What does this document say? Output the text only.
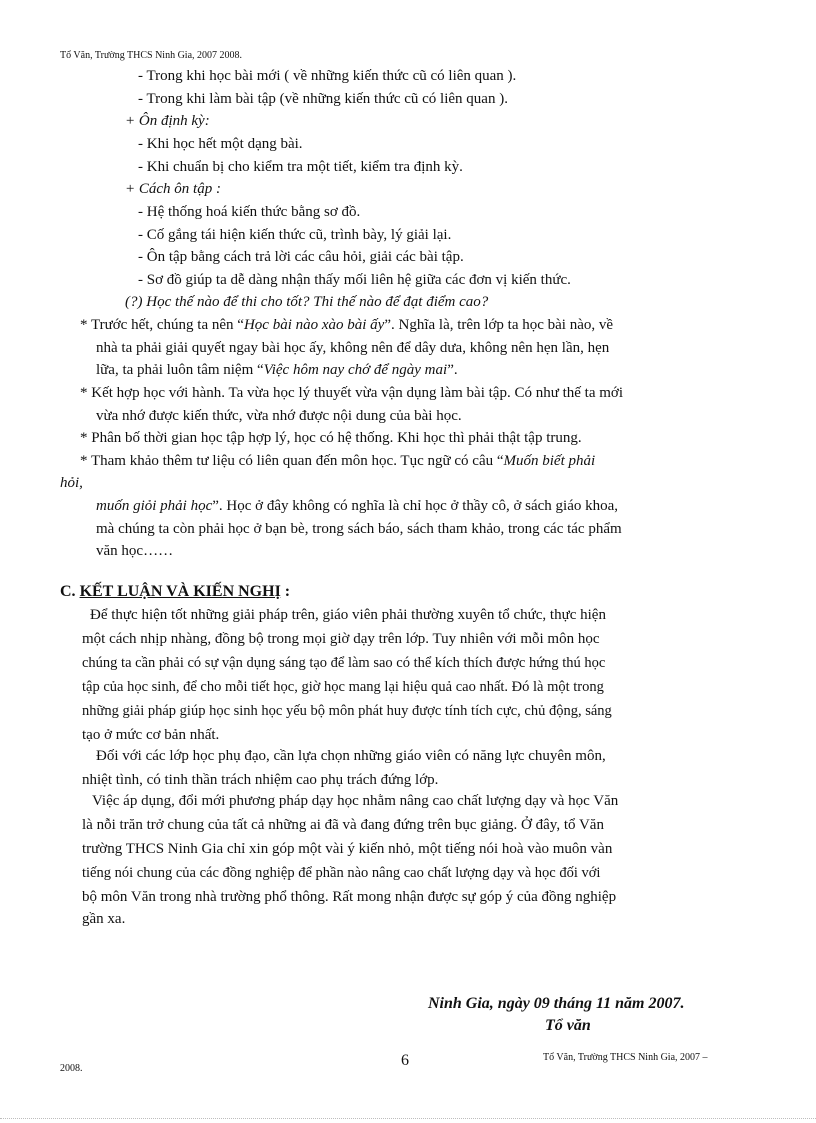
Tổ Văn, Trường THCS Ninh Gia, 2007 2008.
- Trong khi học bài mới ( về những kiến thức cũ có liên quan ).
- Trong khi làm bài tập (về những kiến thức cũ có liên quan ).
+ Ôn định kỳ:
- Khi học hết một dạng bài.
- Khi chuẩn bị cho kiểm tra một tiết, kiểm tra định kỳ.
+ Cách ôn tập :
- Hệ thống hoá kiến thức bằng sơ đồ.
- Cố gắng tái hiện kiến thức cũ, trình bày, lý giải lại.
- Ôn tập bằng cách trả lời các câu hỏi, giải các bài tập.
- Sơ đồ giúp ta dễ dàng nhận thấy mối liên hệ giữa các đơn vị kiến thức.
(?) Học thế nào để thi cho tốt? Thi thế nào để đạt điểm cao?
* Trước hết, chúng ta nên “Học bài nào xào bài ấy”. Nghĩa là, trên lớp ta học bài nào, về
nhà ta phải giải quyết ngay bài học ấy, không nên để dây dưa, không nên hẹn lần, hẹn
lữa, ta phải luôn tâm niệm “Việc hôm nay chớ để ngày mai”.
* Kết hợp học với hành. Ta vừa học lý thuyết vừa vận dụng làm bài tập. Có như thế ta mới
vừa nhớ được kiến thức, vừa nhớ được nội dung của bài học.
* Phân bố thời gian học tập hợp lý, học có hệ thống. Khi học thì phải thật tập trung.
* Tham khảo thêm tư liệu có liên quan đến môn học. Tục ngữ có câu “Muốn biết phải
hỏi,
muốn giỏi phải học”. Học ở đây không có nghĩa là chỉ học ở thầy cô, ở sách giáo khoa,
mà chúng ta còn phải học ở bạn bè, trong sách báo, sách tham khảo, trong các tác phẩm
văn học……
C. KẾT LUẬN VÀ KIẾN NGHỊ :
Để thực hiện tốt những giải pháp trên, giáo viên phải thường xuyên tổ chức, thực hiện
một cách nhịp nhàng, đồng bộ trong mọi giờ dạy trên lớp. Tuy nhiên với mỗi môn học
chúng ta cần phải có sự vận dụng sáng tạo để làm sao có thể kích thích được hứng thú học
tập của học sinh, để cho mỗi tiết học, giờ học mang lại hiệu quả cao nhất. Đó là một trong
những giải pháp giúp học sinh học yếu bộ môn phát huy được tính tích cực, chủ động, sáng
tạo ở mức cơ bản nhất.
Đối với các lớp học phụ đạo, cần lựa chọn những giáo viên có năng lực chuyên môn,
nhiệt tình, có tinh thần trách nhiệm cao phụ trách đứng lớp.
Việc áp dụng, đổi mới phương pháp dạy học nhằm nâng cao chất lượng dạy và học Văn
là nỗi trăn trở chung của tất cả những ai đã và đang đứng trên bục giảng. Ở đây, tổ Văn
trường THCS Ninh Gia chỉ xin góp một vài ý kiến nhỏ, một tiếng nói hoà vào muôn vàn
tiếng nói chung của các đồng nghiệp để phần nào nâng cao chất lượng dạy và học đối với
bộ môn Văn trong nhà trường phổ thông. Rất mong nhận được sự góp ý của đồng nghiệp
gần xa.
Ninh Gia, ngày 09 tháng 11 năm 2007.
Tổ văn
6	Tổ Văn, Trường THCS Ninh Gia, 2007 –
2008.
